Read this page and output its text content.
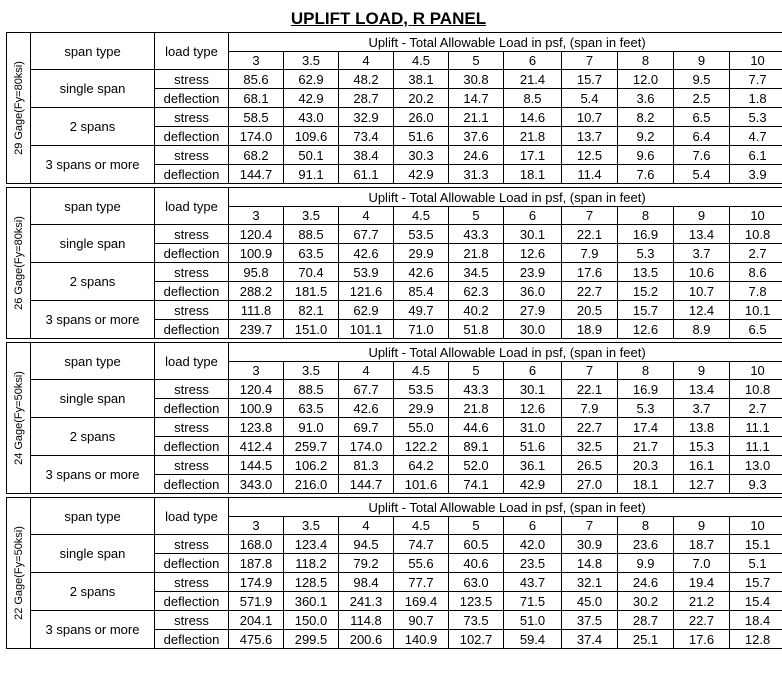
UPLIFT LOAD, R PANEL
29 Gage(Fy=80ksi)	span type	load type	Uplift - Total Allowable Load in psf, (span in feet)									
			3	3.5	4	4.5	5	6	7	8	9	10
	single span	stress	85.6	62.9	48.2	38.1	30.8	21.4	15.7	12.0	9.5	7.7
		deflection	68.1	42.9	28.7	20.2	14.7	8.5	5.4	3.6	2.5	1.8
	2 spans	stress	58.5	43.0	32.9	26.0	21.1	14.6	10.7	8.2	6.5	5.3
		deflection	174.0	109.6	73.4	51.6	37.6	21.8	13.7	9.2	6.4	4.7
	3 spans or more	stress	68.2	50.1	38.4	30.3	24.6	17.1	12.5	9.6	7.6	6.1
		deflection	144.7	91.1	61.1	42.9	31.3	18.1	11.4	7.6	5.4	3.9

26 Gage(Fy=80ksi)	span type	load type	Uplift - Total Allowable Load in psf, (span in feet)									
			3	3.5	4	4.5	5	6	7	8	9	10
	single span	stress	120.4	88.5	67.7	53.5	43.3	30.1	22.1	16.9	13.4	10.8
		deflection	100.9	63.5	42.6	29.9	21.8	12.6	7.9	5.3	3.7	2.7
	2 spans	stress	95.8	70.4	53.9	42.6	34.5	23.9	17.6	13.5	10.6	8.6
		deflection	288.2	181.5	121.6	85.4	62.3	36.0	22.7	15.2	10.7	7.8
	3 spans or more	stress	111.8	82.1	62.9	49.7	40.2	27.9	20.5	15.7	12.4	10.1
		deflection	239.7	151.0	101.1	71.0	51.8	30.0	18.9	12.6	8.9	6.5

24 Gage(Fy=50ksi)	span type	load type	Uplift - Total Allowable Load in psf, (span in feet)									
			3	3.5	4	4.5	5	6	7	8	9	10
	single span	stress	120.4	88.5	67.7	53.5	43.3	30.1	22.1	16.9	13.4	10.8
		deflection	100.9	63.5	42.6	29.9	21.8	12.6	7.9	5.3	3.7	2.7
	2 spans	stress	123.8	91.0	69.7	55.0	44.6	31.0	22.7	17.4	13.8	11.1
		deflection	412.4	259.7	174.0	122.2	89.1	51.6	32.5	21.7	15.3	11.1
	3 spans or more	stress	144.5	106.2	81.3	64.2	52.0	36.1	26.5	20.3	16.1	13.0
		deflection	343.0	216.0	144.7	101.6	74.1	42.9	27.0	18.1	12.7	9.3

22 Gage(Fy=50ksi)	span type	load type	Uplift - Total Allowable Load in psf, (span in feet)									
			3	3.5	4	4.5	5	6	7	8	9	10
	single span	stress	168.0	123.4	94.5	74.7	60.5	42.0	30.9	23.6	18.7	15.1
		deflection	187.8	118.2	79.2	55.6	40.6	23.5	14.8	9.9	7.0	5.1
	2 spans	stress	174.9	128.5	98.4	77.7	63.0	43.7	32.1	24.6	19.4	15.7
		deflection	571.9	360.1	241.3	169.4	123.5	71.5	45.0	30.2	21.2	15.4
	3 spans or more	stress	204.1	150.0	114.8	90.7	73.5	51.0	37.5	28.7	22.7	18.4
		deflection	475.6	299.5	200.6	140.9	102.7	59.4	37.4	25.1	17.6	12.8
